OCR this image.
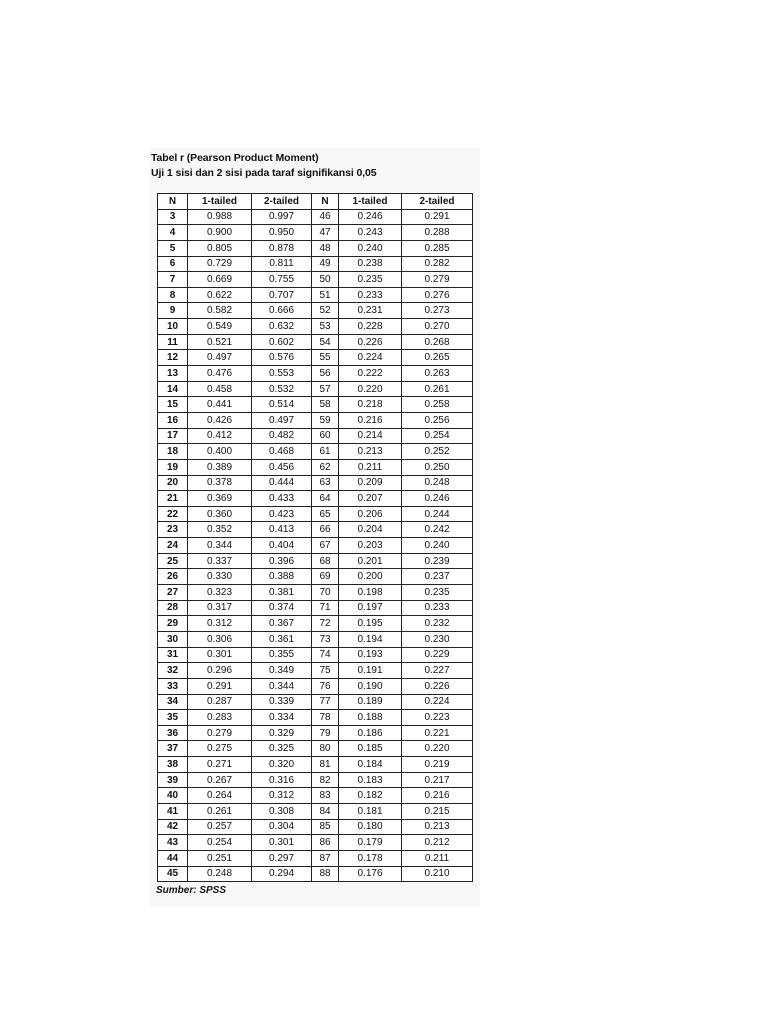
Tabel r (Pearson Product Moment)
Uji 1 sisi dan 2 sisi pada taraf signifikansi 0,05
N	1-tailed	2-tailed	N	1-tailed	2-tailed
3	0.988	0.997	46	0.246	0.291
4	0.900	0.950	47	0.243	0.288
5	0.805	0.878	48	0.240	0.285
6	0.729	0.811	49	0.238	0.282
7	0.669	0.755	50	0.235	0.279
8	0.622	0.707	51	0.233	0.276
9	0.582	0.666	52	0.231	0.273
10	0.549	0.632	53	0.228	0.270
11	0.521	0.602	54	0.226	0.268
12	0.497	0.576	55	0.224	0.265
13	0.476	0.553	56	0.222	0.263
14	0.458	0.532	57	0.220	0.261
15	0.441	0.514	58	0.218	0.258
16	0.426	0.497	59	0.216	0.256
17	0.412	0.482	60	0.214	0.254
18	0.400	0.468	61	0.213	0.252
19	0.389	0.456	62	0.211	0.250
20	0.378	0.444	63	0.209	0.248
21	0.369	0.433	64	0.207	0.246
22	0.360	0.423	65	0.206	0.244
23	0.352	0.413	66	0.204	0.242
24	0.344	0.404	67	0.203	0.240
25	0.337	0.396	68	0.201	0.239
26	0.330	0.388	69	0.200	0.237
27	0.323	0.381	70	0.198	0.235
28	0.317	0.374	71	0.197	0.233
29	0.312	0.367	72	0.195	0.232
30	0.306	0.361	73	0.194	0.230
31	0.301	0.355	74	0.193	0.229
32	0.296	0.349	75	0.191	0.227
33	0.291	0.344	76	0.190	0.226
34	0.287	0.339	77	0.189	0.224
35	0.283	0.334	78	0.188	0.223
36	0.279	0.329	79	0.186	0.221
37	0.275	0.325	80	0.185	0.220
38	0.271	0.320	81	0.184	0.219
39	0.267	0.316	82	0.183	0.217
40	0.264	0.312	83	0.182	0.216
41	0.261	0.308	84	0.181	0.215
42	0.257	0.304	85	0.180	0.213
43	0.254	0.301	86	0.179	0.212
44	0.251	0.297	87	0.178	0.211
45	0.248	0.294	88	0.176	0.210
Sumber: SPSS
